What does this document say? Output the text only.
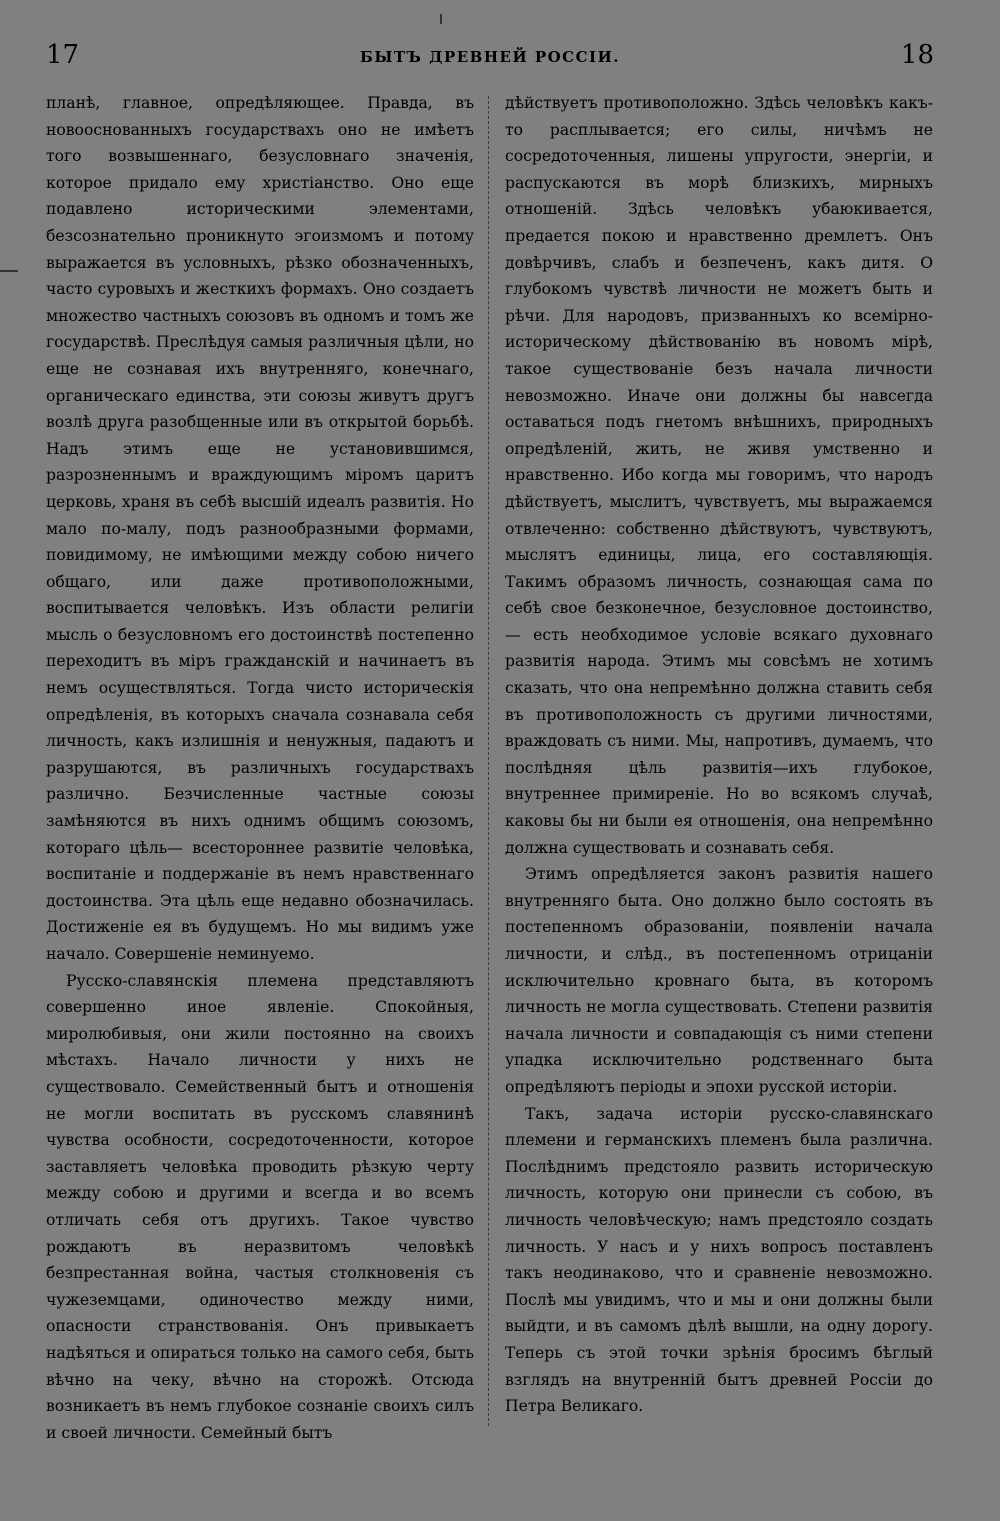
17	БЫТЪ ДРЕВНЕЙ РОССIИ.	18

планѣ, главное, опредѣляющее. Правда, въ новооснованныхъ государствахъ оно не имѣетъ того возвышеннаго, безусловнаго значенiя, которое придало ему христiанство. Оно еще подавлено историческими элементами, безсознательно проникнуто эгоизмомъ и потому выражается въ условныхъ, рѣзко обозначенныхъ, часто суровыхъ и жесткихъ формахъ. Оно создаетъ множество частныхъ союзовъ въ одномъ и томъ же государствѣ. Преслѣдуя самыя различныя цѣли, но еще не сознавая ихъ внутренняго, конечнаго, органическаго единства, эти союзы живутъ другъ возлѣ друга разобщенные или въ открытой борьбѣ. Надъ этимъ еще не установившимся, разрозненнымъ и враждующимъ мiромъ царитъ церковь, храня въ себѣ высшiй идеалъ развитiя. Но мало по-малу, подъ разнообразными формами, повидимому, не имѣющими между собою ничего общаго, или даже противоположными, воспитывается человѣкъ. Изъ области религiи мысль о безусловномъ его достоинствѣ постепенно переходитъ въ мiръ гражданскiй и начинаетъ въ немъ осуществляться. Тогда чисто историческiя опредѣленiя, въ которыхъ сначала сознавала себя личность, какъ излишнiя и ненужныя, падаютъ и разрушаются, въ различныхъ государствахъ различно. Безчисленные частные союзы замѣняются въ нихъ однимъ общимъ союзомъ, котораго цѣль— всестороннее развитiе человѣка, воспитанiе и поддержанiе въ немъ нравственнаго достоинства. Эта цѣль еще недавно обозначилась. Достиженiе ея въ будущемъ. Но мы видимъ уже начало. Совершенiе неминуемо.

Русско-славянскiя племена представляютъ совершенно иное явленiе. Спокойныя, миролюбивыя, они жили постоянно на своихъ мѣстахъ. Начало личности у нихъ не существовало. Семейственный бытъ и отношенiя не могли воспитать въ русскомъ славянинѣ чувства особности, сосредоточенности, которое заставляетъ человѣка проводить рѣзкую черту между собою и другими и всегда и во всемъ отличать себя отъ другихъ. Такое чувство рождаютъ въ неразвитомъ человѣкѣ безпрестанная война, частыя столкновенiя съ чужеземцами, одиночество между ними, опасности странствованiя. Онъ привыкаетъ надѣяться и опираться только на самого себя, быть вѣчно на чеку, вѣчно на сторожѣ. Отсюда возникаетъ въ немъ глубокое сознанiе своихъ силъ и своей личности. Семейный бытъ

дѣйствуетъ противоположно. Здѣсь человѣкъ какъ-то расплывается; его силы, ничѣмъ не сосредоточенныя, лишены упругости, энергiи, и распускаются въ морѣ близкихъ, мирныхъ отношенiй. Здѣсь человѣкъ убаюкивается, предается покою и нравственно дремлетъ. Онъ довѣрчивъ, слабъ и безпеченъ, какъ дитя. О глубокомъ чувствѣ личности не можетъ быть и рѣчи. Для народовъ, призванныхъ ко всемiрно-историческому дѣйствованiю въ новомъ мiрѣ, такое существованiе безъ начала личности невозможно. Иначе они должны бы навсегда оставаться подъ гнетомъ внѣшнихъ, природныхъ опредѣленiй, жить, не живя умственно и нравственно. Ибо когда мы говоримъ, что народъ дѣйствуетъ, мыслитъ, чувствуетъ, мы выражаемся отвлеченно: собственно дѣйствуютъ, чувствуютъ, мыслятъ единицы, лица, его составляющiя. Такимъ образомъ личность, сознающая сама по себѣ свое безконечное, безусловное достоинство, — есть необходимое условiе всякаго духовнаго развитiя народа. Этимъ мы совсѣмъ не хотимъ сказать, что она непремѣнно должна ставить себя въ противоположность съ другими личностями, враждовать съ ними. Мы, напротивъ, думаемъ, что послѣдняя цѣль развитiя—ихъ глубокое, внутреннее примиренiе. Но во всякомъ случаѣ, каковы бы ни были ея отношенiя, она непремѣнно должна существовать и сознавать себя.

Этимъ опредѣляется законъ развитiя нашего внутренняго быта. Оно должно было состоять въ постепенномъ образованiи, появленiи начала личности, и слѣд., въ постепенномъ отрицанiи исключительно кровнаго быта, въ которомъ личность не могла существовать. Степени развитiя начала личности и совпадающiя съ ними степени упадка исключительно родственнаго быта опредѣляютъ перiоды и эпохи русской исторiи.

Такъ, задача исторiи русско-славянскаго племени и германскихъ племенъ была различна. Послѣднимъ предстояло развить историческую личность, которую они принесли съ собою, въ личность человѣческую; намъ предстояло создать личность. У насъ и у нихъ вопросъ поставленъ такъ неодинаково, что и сравненiе невозможно. Послѣ мы увидимъ, что и мы и они должны были выйдти, и въ самомъ дѣлѣ вышли, на одну дорогу. Теперь съ этой точки зрѣнiя бросимъ бѣглый взглядъ на внутреннiй бытъ древней Россiи до Петра Великаго.
